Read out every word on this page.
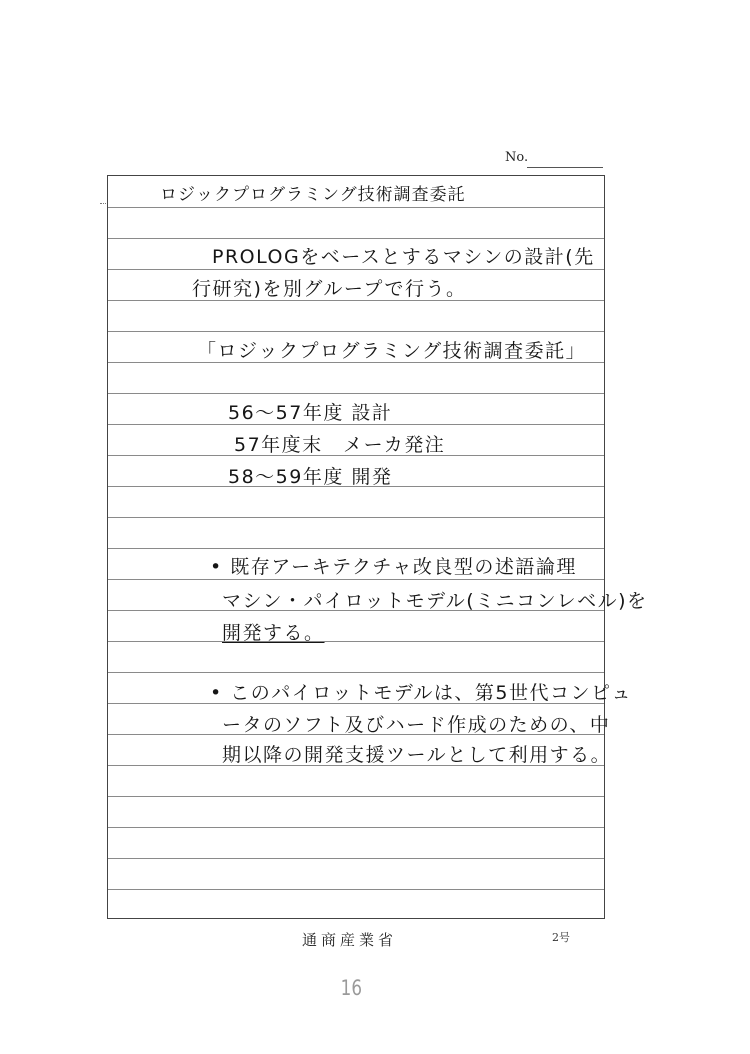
No.
ロジックプログラミング技術調査委託
PROLOGをベースとするマシンの設計(先
行研究)を別グループで行う。
「ロジックプログラミング技術調査委託」
56〜57年度 設計
57年度末　メーカ発注
58〜59年度 開発
• 既存アーキテクチャ改良型の述語論理
マシン・パイロットモデル(ミニコンレベル)を
開発する。
• このパイロットモデルは、第5世代コンピュ
ータのソフト及びハード作成のための、中
期以降の開発支援ツールとして利用する。
通商産業省	2号
16
